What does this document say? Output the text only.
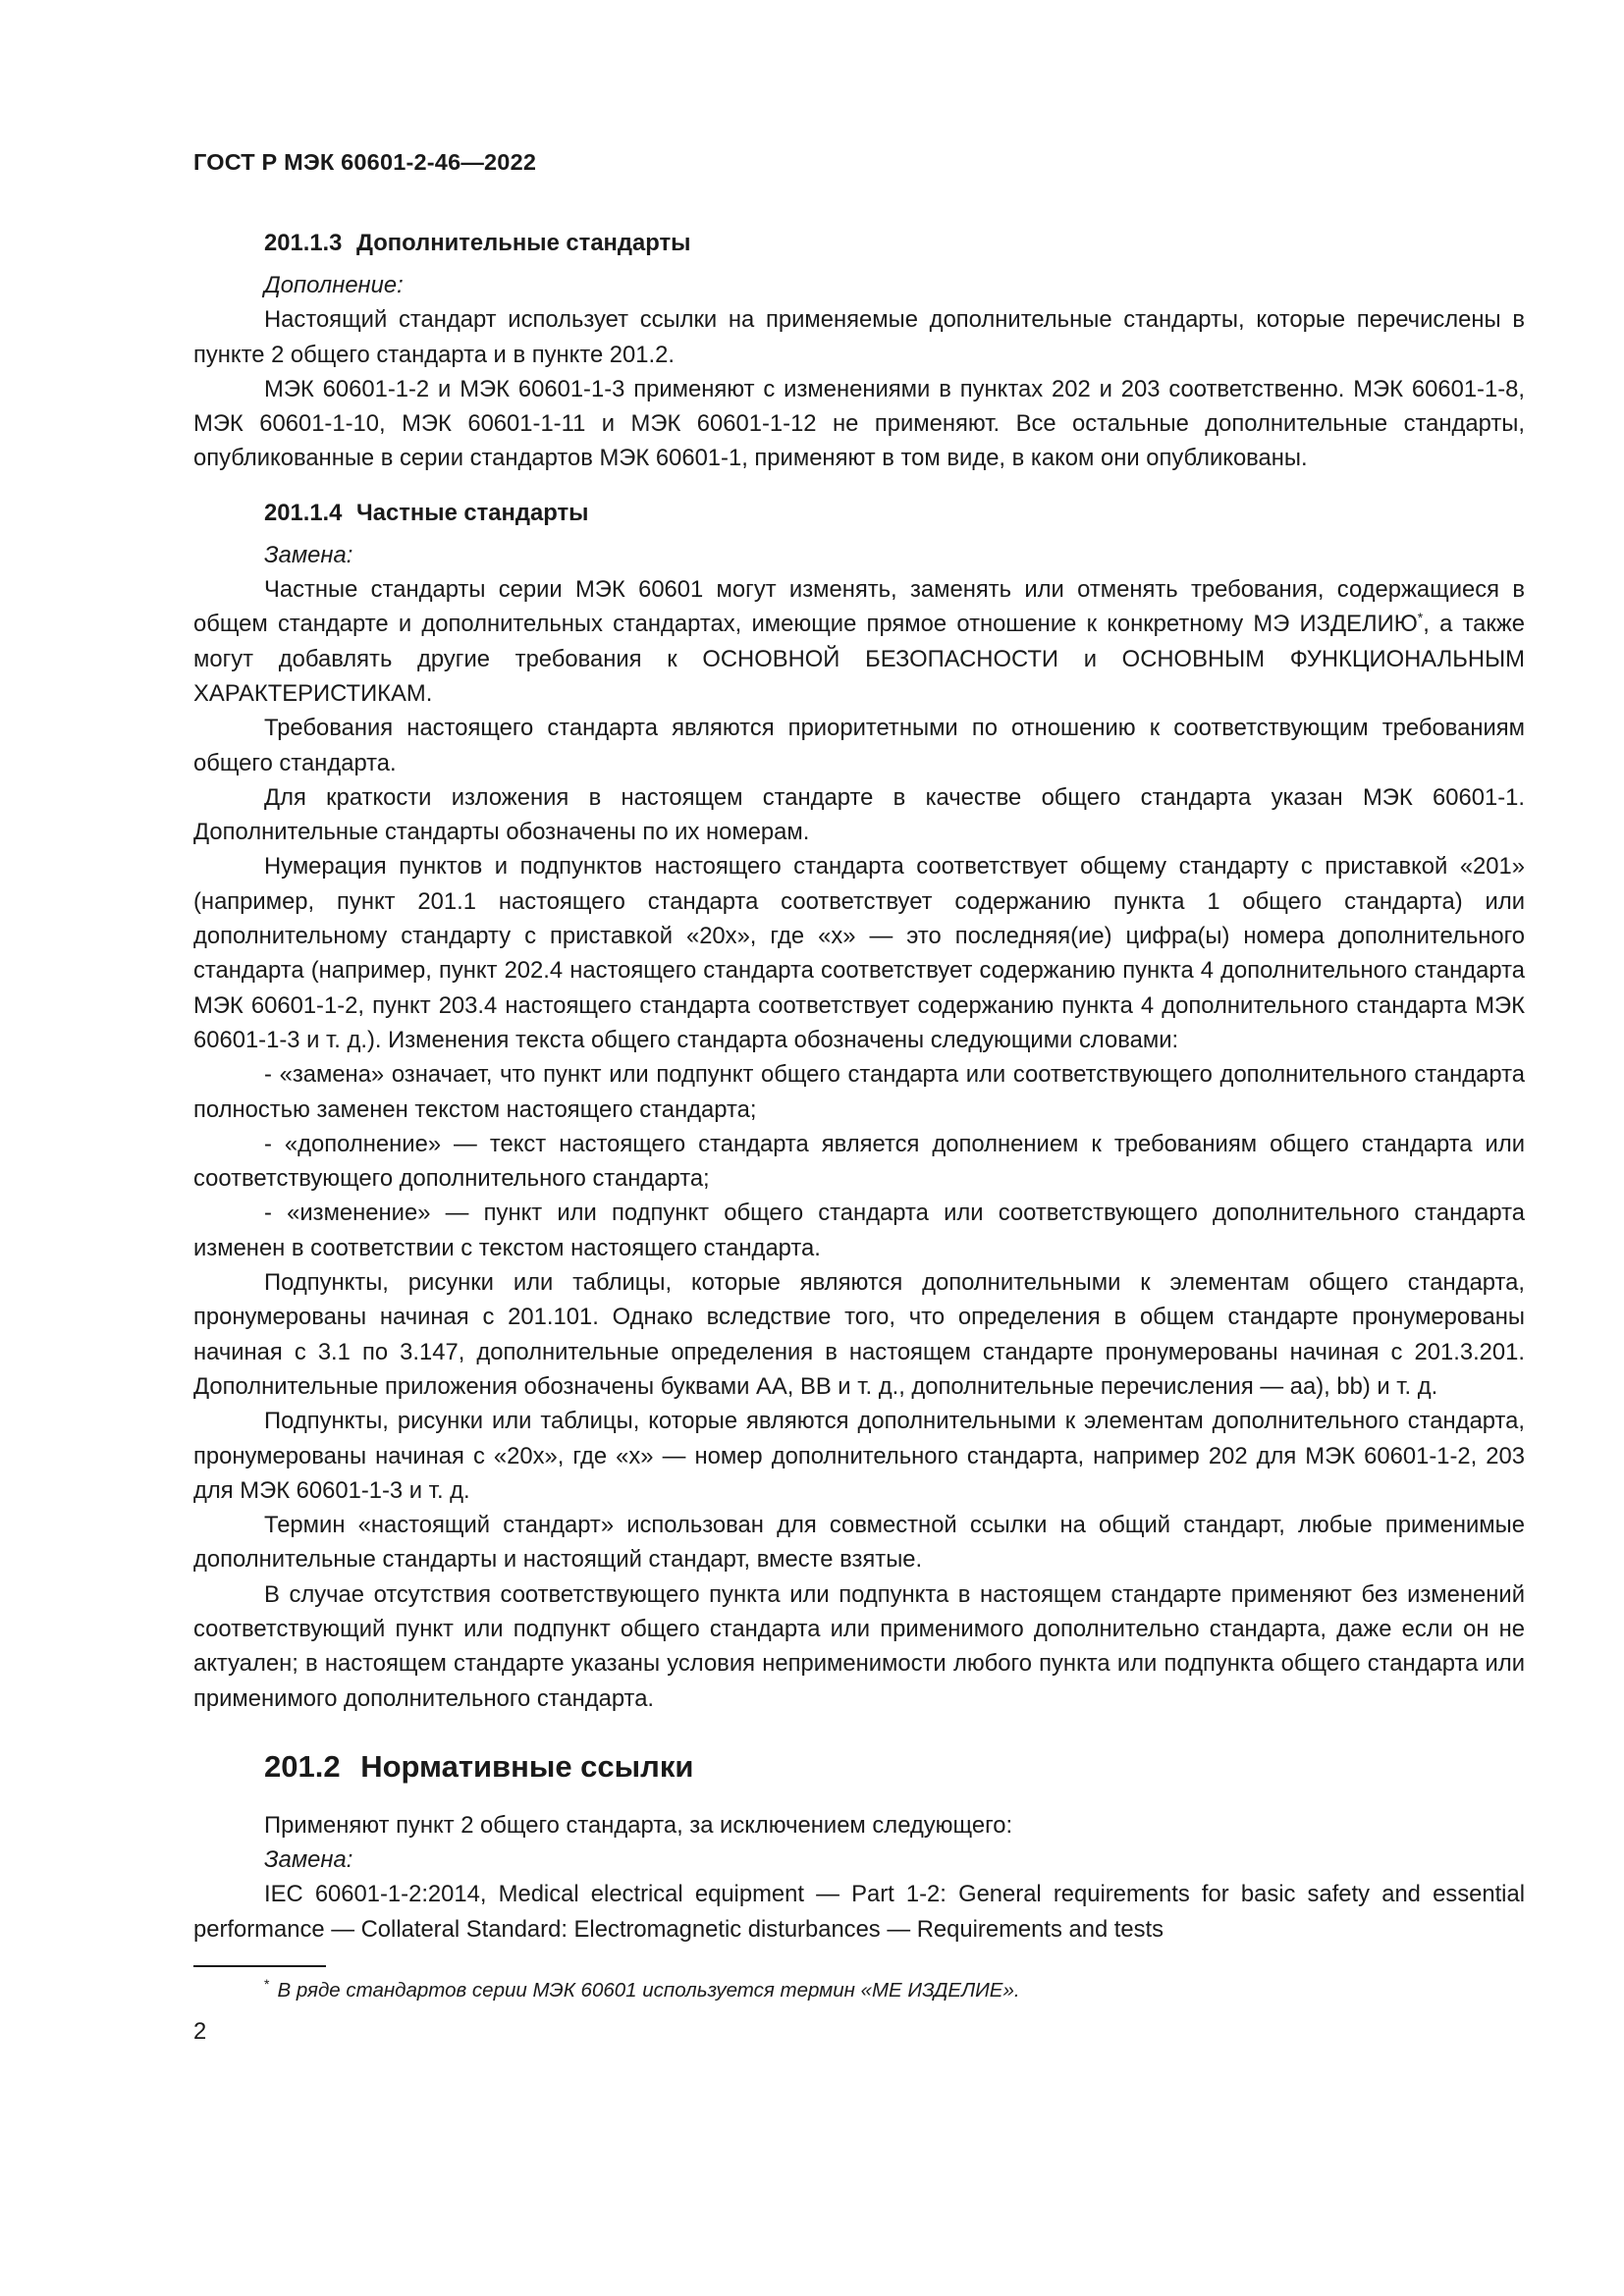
ГОСТ Р МЭК 60601-2-46—2022
201.1.3 Дополнительные стандарты

Дополнение:

Настоящий стандарт использует ссылки на применяемые дополнительные стандарты, которые перечислены в пункте 2 общего стандарта и в пункте 201.2.

МЭК 60601-1-2 и МЭК 60601-1-3 применяют с изменениями в пунктах 202 и 203 соответственно. МЭК 60601-1-8, МЭК 60601-1-10, МЭК 60601-1-11 и МЭК 60601-1-12 не применяют. Все остальные дополнительные стандарты, опубликованные в серии стандартов МЭК 60601-1, применяют в том виде, в каком они опубликованы.

201.1.4 Частные стандарты

Замена:

Частные стандарты серии МЭК 60601 могут изменять, заменять или отменять требования, содержащиеся в общем стандарте и дополнительных стандартах, имеющие прямое отношение к конкретному МЭ ИЗДЕЛИЮ*, а также могут добавлять другие требования к ОСНОВНОЙ БЕЗОПАСНОСТИ и ОСНОВНЫМ ФУНКЦИОНАЛЬНЫМ ХАРАКТЕРИСТИКАМ.

Требования настоящего стандарта являются приоритетными по отношению к соответствующим требованиям общего стандарта.

Для краткости изложения в настоящем стандарте в качестве общего стандарта указан МЭК 60601-1. Дополнительные стандарты обозначены по их номерам.

Нумерация пунктов и подпунктов настоящего стандарта соответствует общему стандарту с приставкой «201» (например, пункт 201.1 настоящего стандарта соответствует содержанию пункта 1 общего стандарта) или дополнительному стандарту с приставкой «20х», где «х» — это последняя(ие) цифра(ы) номера дополнительного стандарта (например, пункт 202.4 настоящего стандарта соответствует содержанию пункта 4 дополнительного стандарта МЭК 60601-1-2, пункт 203.4 настоящего стандарта соответствует содержанию пункта 4 дополнительного стандарта МЭК 60601-1-3 и т. д.). Изменения текста общего стандарта обозначены следующими словами:

- «замена» означает, что пункт или подпункт общего стандарта или соответствующего дополнительного стандарта полностью заменен текстом настоящего стандарта;

- «дополнение» — текст настоящего стандарта является дополнением к требованиям общего стандарта или соответствующего дополнительного стандарта;

- «изменение» — пункт или подпункт общего стандарта или соответствующего дополнительного стандарта изменен в соответствии с текстом настоящего стандарта.

Подпункты, рисунки или таблицы, которые являются дополнительными к элементам общего стандарта, пронумерованы начиная с 201.101. Однако вследствие того, что определения в общем стандарте пронумерованы начиная с 3.1 по 3.147, дополнительные определения в настоящем стандарте пронумерованы начиная с 201.3.201. Дополнительные приложения обозначены буквами АА, ВВ и т. д., дополнительные перечисления — аа), bb) и т. д.

Подпункты, рисунки или таблицы, которые являются дополнительными к элементам дополнительного стандарта, пронумерованы начиная с «20х», где «х» — номер дополнительного стандарта, например 202 для МЭК 60601-1-2, 203 для МЭК 60601-1-3 и т. д.

Термин «настоящий стандарт» использован для совместной ссылки на общий стандарт, любые применимые дополнительные стандарты и настоящий стандарт, вместе взятые.

В случае отсутствия соответствующего пункта или подпункта в настоящем стандарте применяют без изменений соответствующий пункт или подпункт общего стандарта или применимого дополнительно стандарта, даже если он не актуален; в настоящем стандарте указаны условия неприменимости любого пункта или подпункта общего стандарта или применимого дополнительного стандарта.

201.2 Нормативные ссылки

Применяют пункт 2 общего стандарта, за исключением следующего:

Замена:

IEC 60601-1-2:2014, Medical electrical equipment — Part 1-2: General requirements for basic safety and essential performance — Collateral Standard: Electromagnetic disturbances — Requirements and tests

* В ряде стандартов серии МЭК 60601 используется термин «МЕ ИЗДЕЛИЕ».
2
